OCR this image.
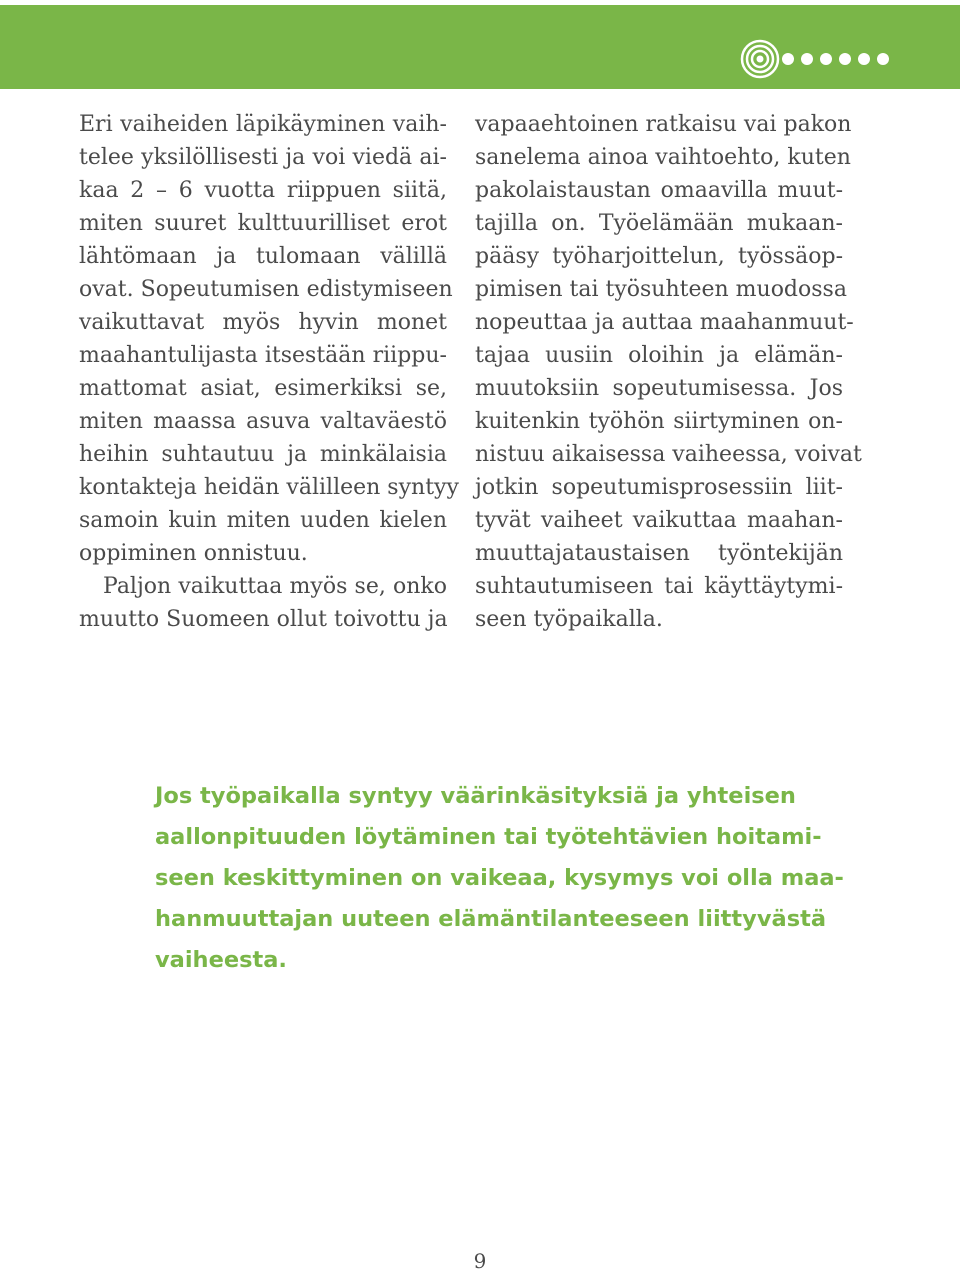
Eri vaiheiden läpikäyminen vaih-
telee yksilöllisesti ja voi viedä ai-
kaa 2 – 6 vuotta riippuen siitä,
miten suuret kulttuurilliset erot
lähtömaan ja tulomaan välillä
ovat. Sopeutumisen edistymiseen
vaikuttavat myös hyvin monet
maahantulijasta itsestään riippu-
mattomat asiat, esimerkiksi se,
miten maassa asuva valtaväestö
heihin suhtautuu ja minkälaisia
kontakteja heidän välilleen syntyy
samoin kuin miten uuden kielen
oppiminen onnistuu.

Paljon vaikuttaa myös se, onko
muutto Suomeen ollut toivottu ja

vapaaehtoinen ratkaisu vai pakon
sanelema ainoa vaihtoehto, kuten
pakolaistaustan omaavilla muut-
tajilla on. Työelämään mukaan-
pääsy työharjoittelun, työssäop-
pimisen tai työsuhteen muodossa
nopeuttaa ja auttaa maahanmuut-
tajaa uusiin oloihin ja elämän-
muutoksiin sopeutumisessa. Jos
kuitenkin työhön siirtyminen on-
nistuu aikaisessa vaiheessa, voivat
jotkin sopeutumisprosessiin liit-
tyvät vaiheet vaikuttaa maahan-
muuttajataustaisen työntekijän
suhtautumiseen tai käyttäytymi-
seen työpaikalla.

Jos työpaikalla syntyy väärinkäsityksiä ja yhteisen
aallonpituuden löytäminen tai työtehtävien hoitami-
seen keskittyminen on vaikeaa, kysymys voi olla maa-
hanmuuttajan uuteen elämäntilanteeseen liittyvästä
vaiheesta.
9
